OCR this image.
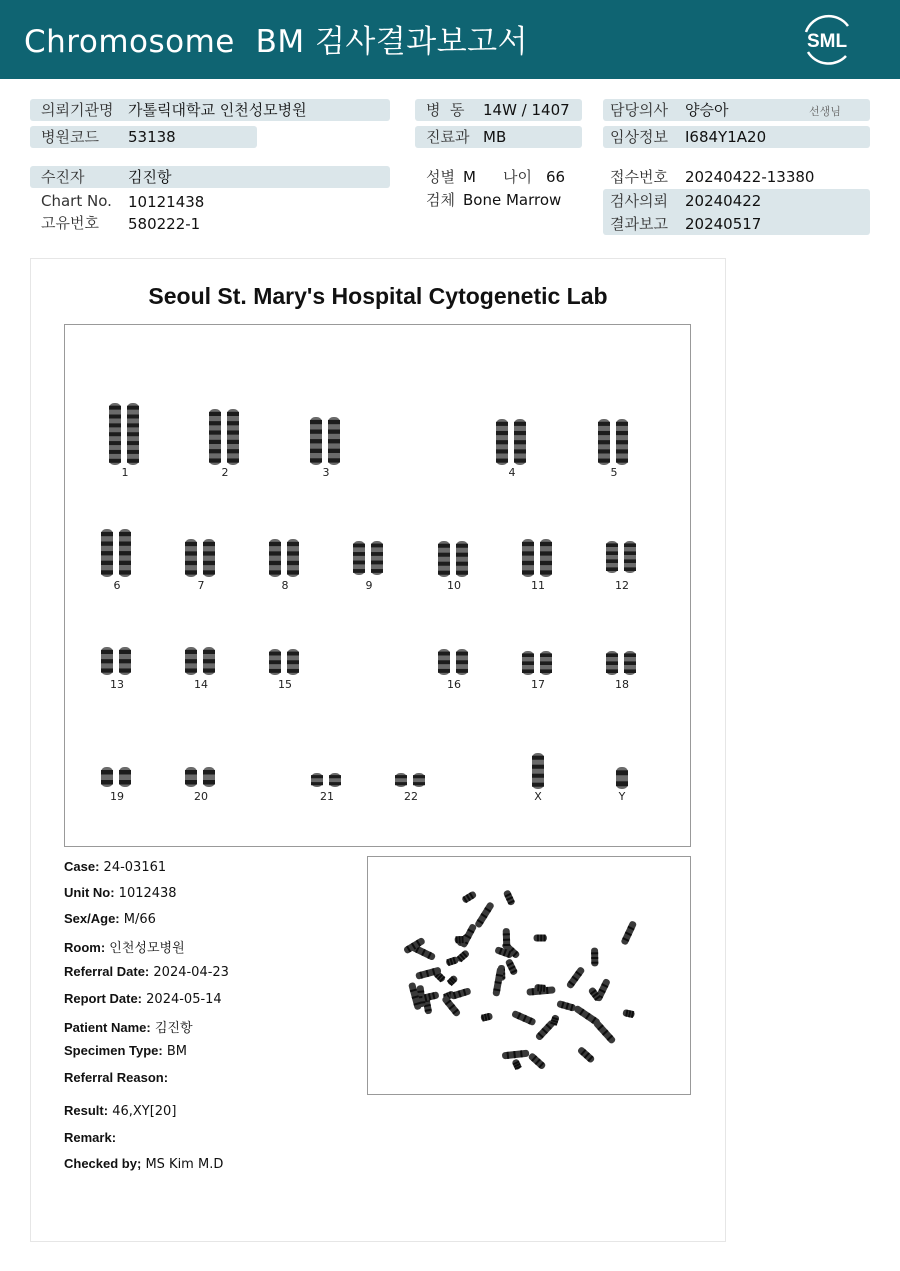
Chromosome  BM 검사결과보고서	SML
의뢰기관명 가톨릭대학교 인천성모병원
병원코드 53138
병  동 14W / 1407
진료과 MB
담당의사 양승아	선생님
임상정보 I684Y1A20
수진자	김진항
Chart No. 10121438
고유번호 580222-1
성별 M 나이 66
검체 Bone Marrow
접수번호 20240422-13380
검사의뢰 20240422
결과보고 20240517
Seoul St. Mary's Hospital Cytogenetic Lab
1	2	3	4	5
6	7	8	9	10	11	12
13	14	15	16	17	18
19	20	21	22	X	Y
Case: 24-03161
Unit No: 1012438
Sex/Age: M/66
Room: 인천성모병원
Referral Date: 2024-04-23
Report Date: 2024-05-14
Patient Name: 김진항
Specimen Type: BM
Referral Reason:
Result: 46,XY[20]
Remark:
Checked by; MS Kim M.D
